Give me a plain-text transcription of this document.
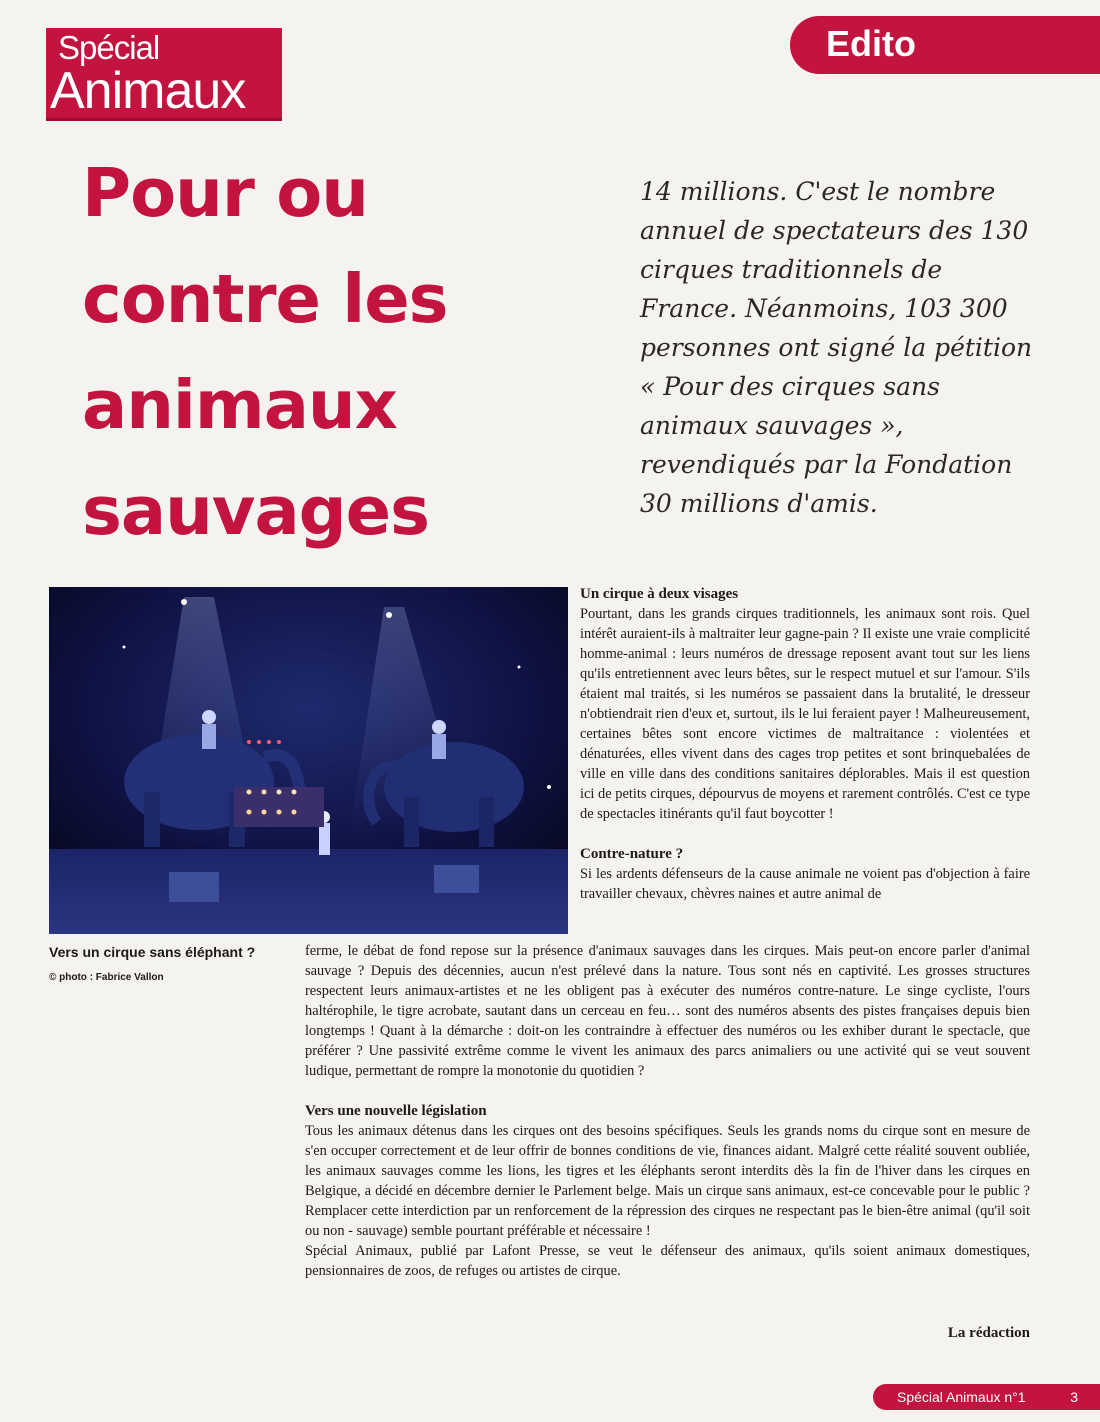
Spécial
Animaux
Edito
Pour ou contre les animaux sauvages

14 millions. C'est le nombre annuel de spectateurs des 130 cirques traditionnels de France. Néanmoins, 103 300 personnes ont signé la pétition « Pour des cirques sans animaux sauvages », revendiqués par la Fondation 30 millions d'amis.

Vers un cirque sans éléphant ?
© photo : Fabrice Vallon

Un cirque à deux visages

Pourtant, dans les grands cirques traditionnels, les animaux sont rois. Quel intérêt auraient-ils à maltraiter leur gagne-pain ? Il existe une vraie complicité homme-animal : leurs numéros de dressage reposent avant tout sur les liens qu'ils entretiennent avec leurs bêtes, sur le respect mutuel et sur l'amour. S'ils étaient mal traités, si les numéros se passaient dans la brutalité, le dresseur n'obtiendrait rien d'eux et, surtout, ils le lui feraient payer ! Malheureusement, certaines bêtes sont encore victimes de maltraitance : violentées et dénaturées, elles vivent dans des cages trop petites et sont brinquebalées de ville en ville dans des conditions sanitaires déplorables. Mais il est question ici de petits cirques, dépourvus de moyens et rarement contrôlés. C'est ce type de spectacles itinérants qu'il faut boycotter !

Contre-nature ?

Si les ardents défenseurs de la cause animale ne voient pas d'objection à faire travailler chevaux, chèvres naines et autre animal de

ferme, le débat de fond repose sur la présence d'animaux sauvages dans les cirques. Mais peut-on encore parler d'animal sauvage ? Depuis des décennies, aucun n'est prélevé dans la nature. Tous sont nés en captivité. Les grosses structures respectent leurs animaux-artistes et ne les obligent pas à exécuter des numéros contre-nature. Le singe cycliste, l'ours haltérophile, le tigre acrobate, sautant dans un cerceau en feu… sont des numéros absents des pistes françaises depuis bien longtemps ! Quant à la démarche : doit-on les contraindre à effectuer des numéros ou les exhiber durant le spectacle, que préférer ? Une passivité extrême comme le vivent les animaux des parcs animaliers ou une activité qui se veut souvent ludique, permettant de rompre la monotonie du quotidien ?

Vers une nouvelle législation

Tous les animaux détenus dans les cirques ont des besoins spécifiques. Seuls les grands noms du cirque sont en mesure de s'en occuper correctement et de leur offrir de bonnes conditions de vie, finances aidant. Malgré cette réalité souvent oubliée, les animaux sauvages comme les lions, les tigres et les éléphants seront interdits dès la fin de l'hiver dans les cirques en Belgique, a décidé en décembre dernier le Parlement belge. Mais un cirque sans animaux, est-ce concevable pour le public ? Remplacer cette interdiction par un renforcement de la répression des cirques ne respectant pas le bien-être animal (qu'il soit ou non - sauvage) semble pourtant préférable et nécessaire !

Spécial Animaux, publié par Lafont Presse, se veut le défenseur des animaux, qu'ils soient animaux domestiques, pensionnaires de zoos, de refuges ou artistes de cirque.

La rédaction
Spécial Animaux n°1	3
